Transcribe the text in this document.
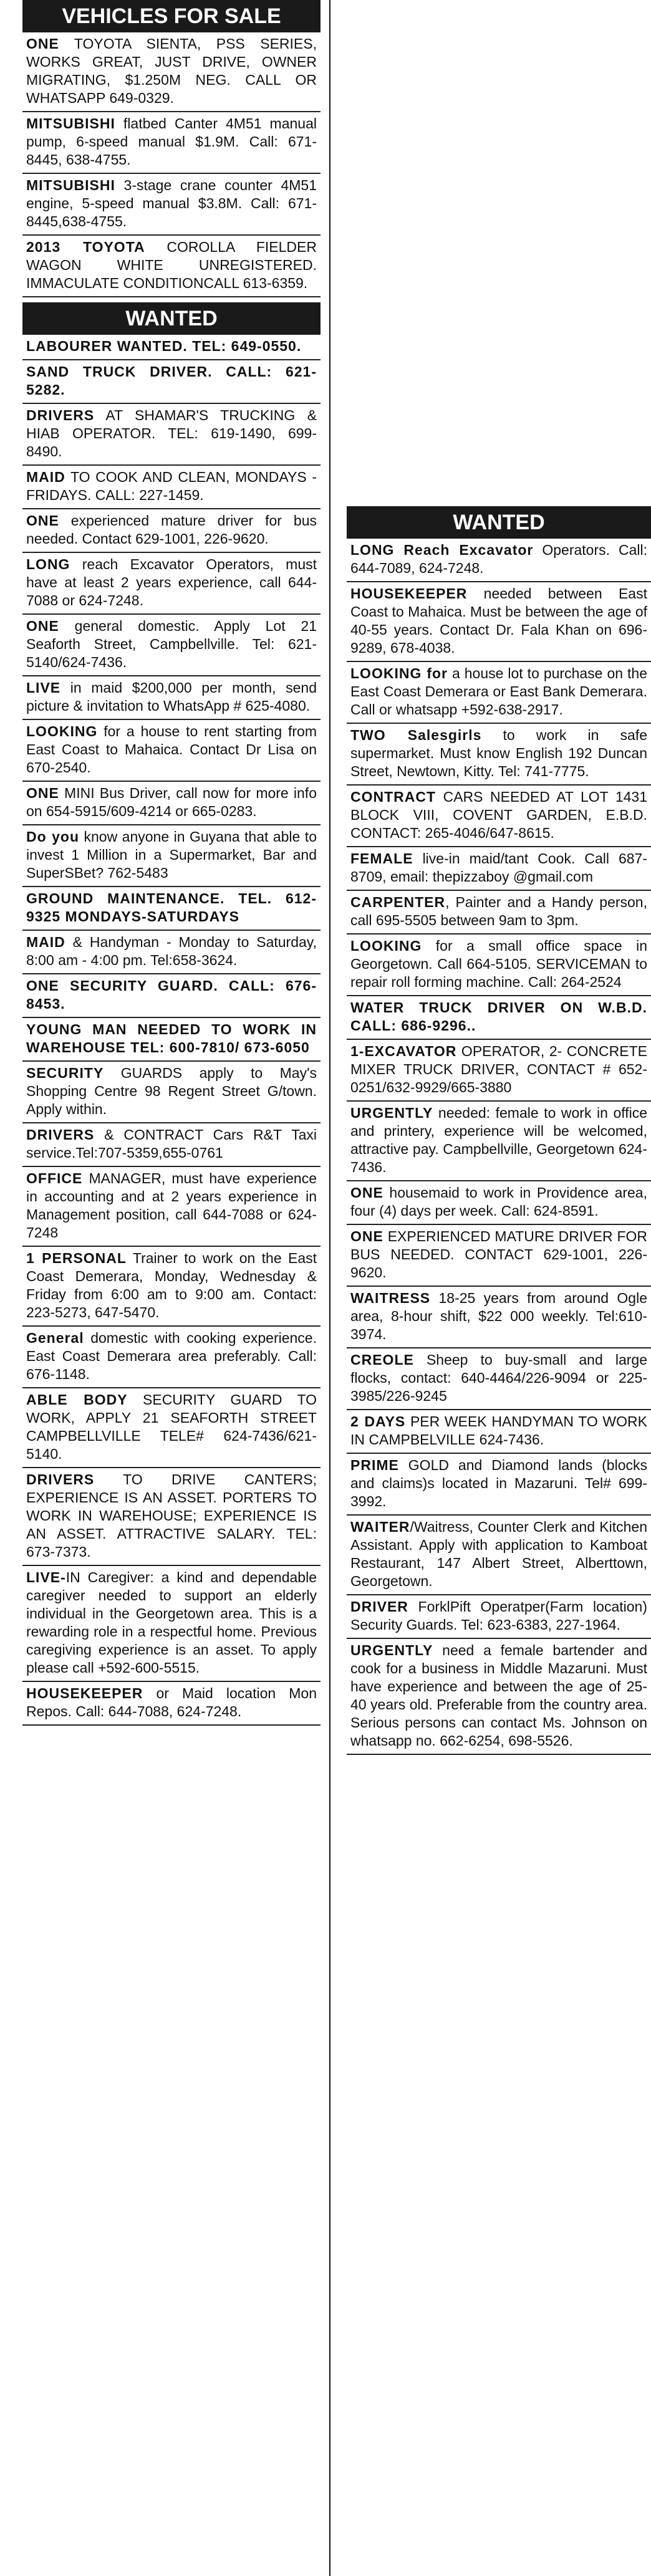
VEHICLES FOR SALE
ONE TOYOTA SIENTA, PSS SERIES, WORKS GREAT, JUST DRIVE, OWNER MIGRATING, $1.250M NEG. CALL OR WHATSAPP 649-0329.
MITSUBISHI flatbed Canter 4M51 manual pump, 6-speed manual $1.9M. Call: 671-8445, 638-4755.
MITSUBISHI 3-stage crane counter 4M51 engine, 5-speed manual $3.8M. Call: 671-8445,638-4755.
2013 TOYOTA COROLLA FIELDER WAGON WHITE UNREGISTERED. IMMACULATE CONDITIONCALL 613-6359.
WANTED
LABOURER WANTED. TEL: 649-0550.
SAND TRUCK DRIVER. CALL: 621-5282.
DRIVERS AT SHAMAR'S TRUCKING & HIAB OPERATOR. TEL: 619-1490, 699-8490.
MAID TO COOK AND CLEAN, MONDAYS - FRIDAYS. CALL: 227-1459.
ONE experienced mature driver for bus needed. Contact 629-1001, 226-9620.
LONG reach Excavator Operators, must have at least 2 years experience, call 644-7088 or 624-7248.
ONE general domestic. Apply Lot 21 Seaforth Street, Campbellville. Tel: 621-5140/624-7436.
LIVE in maid $200,000 per month, send picture & invitation to WhatsApp # 625-4080.
LOOKING for a house to rent starting from East Coast to Mahaica. Contact Dr Lisa on 670-2540.
ONE MINI Bus Driver, call now for more info on 654-5915/609-4214 or 665-0283.
Do you know anyone in Guyana that able to invest 1 Million in a Supermarket, Bar and SuperSBet? 762-5483
GROUND MAINTENANCE. TEL. 612-9325 MONDAYS-SATURDAYS
MAID & Handyman - Monday to Saturday, 8:00 am - 4:00 pm. Tel:658-3624.
ONE SECURITY GUARD. CALL: 676-8453.
YOUNG MAN NEEDED TO WORK IN WAREHOUSE TEL: 600-7810/ 673-6050
SECURITY GUARDS apply to May's Shopping Centre 98 Regent Street G/town. Apply within.
DRIVERS & CONTRACT Cars R&T Taxi service.Tel:707-5359,655-0761
OFFICE MANAGER, must have experience in accounting and at 2 years experience in Management position, call 644-7088 or 624-7248
1 PERSONAL Trainer to work on the East Coast Demerara, Monday, Wednesday & Friday from 6:00 am to 9:00 am. Contact: 223-5273, 647-5470.
General domestic with cooking experience. East Coast Demerara area preferably. Call: 676-1148.
ABLE BODY SECURITY GUARD TO WORK, APPLY 21 SEAFORTH STREET CAMPBELLVILLE TELE# 624-7436/621-5140.
DRIVERS TO DRIVE CANTERS; EXPERIENCE IS AN ASSET. PORTERS TO WORK IN WAREHOUSE; EXPERIENCE IS AN ASSET. ATTRACTIVE SALARY. TEL: 673-7373.
LIVE-IN Caregiver: a kind and dependable caregiver needed to support an elderly individual in the Georgetown area. This is a rewarding role in a respectful home. Previous caregiving experience is an asset. To apply please call +592-600-5515.
HOUSEKEEPER or Maid location Mon Repos. Call: 644-7088, 624-7248.
WANTED
LONG Reach Excavator Operators. Call: 644-7089, 624-7248.
HOUSEKEEPER needed between East Coast to Mahaica. Must be between the age of 40-55 years. Contact Dr. Fala Khan on 696-9289, 678-4038.
LOOKING for a house lot to purchase on the East Coast Demerara or East Bank Demerara. Call or whatsapp +592-638-2917.
TWO Salesgirls to work in safe supermarket. Must know English 192 Duncan Street, Newtown, Kitty. Tel: 741-7775.
CONTRACT CARS NEEDED AT LOT 1431 BLOCK VIII, COVENT GARDEN, E.B.D. CONTACT: 265-4046/647-8615.
FEMALE live-in maid/tant Cook. Call 687-8709, email: thepizzaboy @gmail.com
CARPENTER, Painter and a Handy person, call 695-5505 between 9am to 3pm.
LOOKING for a small office space in Georgetown. Call 664-5105. SERVICEMAN to repair roll forming machine. Call: 264-2524
WATER TRUCK DRIVER ON W.B.D. CALL: 686-9296..
1-EXCAVATOR OPERATOR, 2- CONCRETE MIXER TRUCK DRIVER, CONTACT # 652-0251/632-9929/665-3880
URGENTLY needed: female to work in office and printery, experience will be welcomed, attractive pay. Campbellville, Georgetown 624-7436.
ONE housemaid to work in Providence area, four (4) days per week. Call: 624-8591.
ONE EXPERIENCED MATURE DRIVER FOR BUS NEEDED. CONTACT 629-1001, 226-9620.
WAITRESS 18-25 years from around Ogle area, 8-hour shift, $22 000 weekly. Tel:610-3974.
CREOLE Sheep to buy-small and large flocks, contact: 640-4464/226-9094 or 225-3985/226-9245
2 DAYS PER WEEK HANDYMAN TO WORK IN CAMPBELVILLE 624-7436.
PRIME GOLD and Diamond lands (blocks and claims)s located in Mazaruni. Tel# 699-3992.
WAITER/Waitress, Counter Clerk and Kitchen Assistant. Apply with application to Kamboat Restaurant, 147 Albert Street, Alberttown, Georgetown.
DRIVER ForklPift Operatper(Farm location) Security Guards. Tel: 623-6383, 227-1964.
URGENTLY need a female bartender and cook for a business in Middle Mazaruni. Must have experience and between the age of 25-40 years old. Preferable from the country area. Serious persons can contact Ms. Johnson on whatsapp no. 662-6254, 698-5526.
